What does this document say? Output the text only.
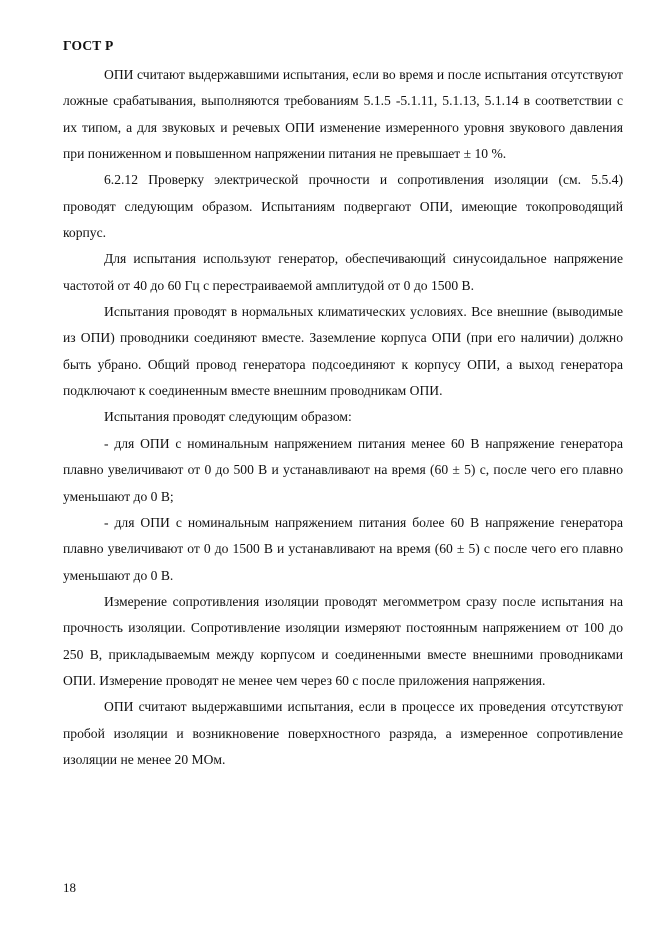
ГОСТ Р

ОПИ считают выдержавшими испытания, если во время и после испытания отсутствуют ложные срабатывания, выполняются требованиям 5.1.5 -5.1.11, 5.1.13, 5.1.14 в соответствии с их типом, а для звуковых и речевых ОПИ изменение измеренного уровня звукового давления при пониженном и повышенном напряжении питания не превышает ± 10 %.

6.2.12 Проверку электрической прочности и сопротивления изоляции (см. 5.5.4) проводят следующим образом. Испытаниям подвергают ОПИ, имеющие токопроводящий корпус.

Для испытания используют генератор, обеспечивающий синусоидальное напряжение частотой от 40 до 60 Гц с перестраиваемой амплитудой от 0 до 1500 В.

Испытания проводят в нормальных климатических условиях. Все внешние (выводимые из ОПИ) проводники соединяют вместе. Заземление корпуса ОПИ (при его наличии) должно быть убрано. Общий провод генератора подсоединяют к корпусу ОПИ, а выход генератора подключают к соединенным вместе внешним проводникам ОПИ.

Испытания проводят следующим образом:

- для ОПИ с номинальным напряжением питания менее 60 В напряжение генератора плавно увеличивают от 0 до 500 В и устанавливают на время (60 ± 5) с, после чего его плавно уменьшают до 0 В;

- для ОПИ с номинальным напряжением питания более 60 В напряжение генератора плавно увеличивают от 0 до 1500 В и устанавливают на время (60 ± 5) с после чего его плавно уменьшают до 0 В.

Измерение сопротивления изоляции проводят мегомметром сразу после испытания на прочность изоляции. Сопротивление изоляции измеряют постоянным напряжением от 100 до 250 В, прикладываемым между корпусом и соединенными вместе внешними проводниками ОПИ. Измерение проводят не менее чем через 60 с после приложения напряжения.

ОПИ считают выдержавшими испытания, если в процессе их проведения отсутствуют пробой изоляции и возникновение поверхностного разряда, а измеренное сопротивление изоляции не менее 20 МОм.

18
